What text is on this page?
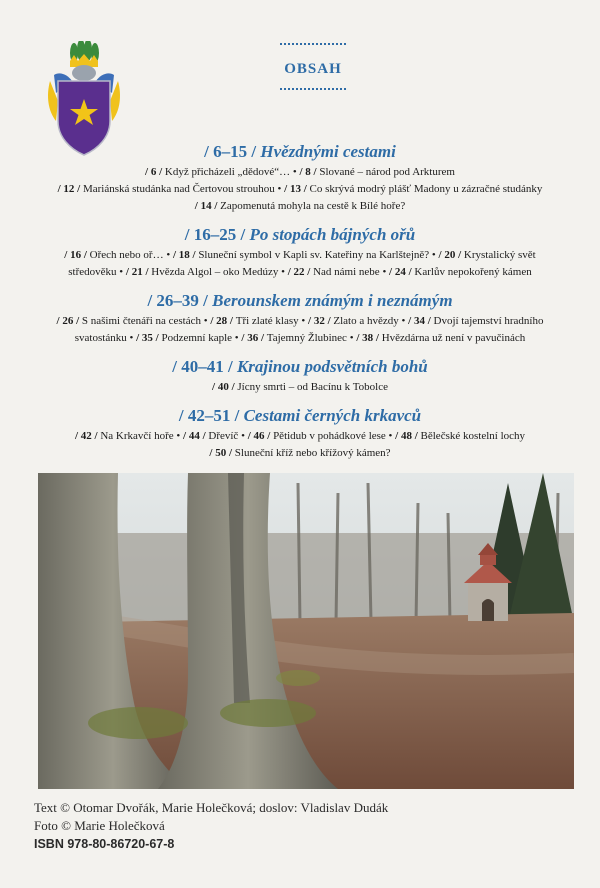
OBSAH
/ 6–15 / Hvězdnými cestami
/ 6 / Když přicházeli „dědové“… • / 8 / Slované – národ pod Arkturem
/ 12 / Mariánská studánka nad Čertovou strouhou • / 13 / Co skrývá modrý plášť Madony u zázračné studánky
/ 14 / Zapomenutá mohyla na cestě k Bílé hoře?
/ 16–25 / Po stopách bájných ořů
/ 16 / Ořech nebo oř… • / 18 / Sluneční symbol v Kapli sv. Kateřiny na Karlštejně? • / 20 / Krystalický svět
středověku • / 21 / Hvězda Algol – oko Medúzy • / 22 / Nad námi nebe • / 24 / Karlův nepokořený kámen
/ 26–39 / Berounskem známým i neznámým
/ 26 / S našimi čtenáři na cestách • / 28 / Tři zlaté klasy • / 32 / Zlato a hvězdy • / 34 / Dvojí tajemství hradního
svatostánku • / 35 / Podzemní kaple • / 36 / Tajemný Žlubinec • / 38 / Hvězdárna už není v pavučinách
/ 40–41 / Krajinou podsvětních bohů
/ 40 / Jícny smrti – od Bacínu k Tobolce
/ 42–51 / Cestami černých krkavců
/ 42 / Na Krkavčí hoře • / 44 / Dřevíč • / 46 / Pětidub v pohádkové lese • / 48 / Bělečské kostelní lochy
/ 50 / Sluneční kříž nebo křížový kámen?
Text © Otomar Dvořák, Marie Holečková; doslov: Vladislav Dudák
Foto © Marie Holečková
ISBN 978-80-86720-67-8
